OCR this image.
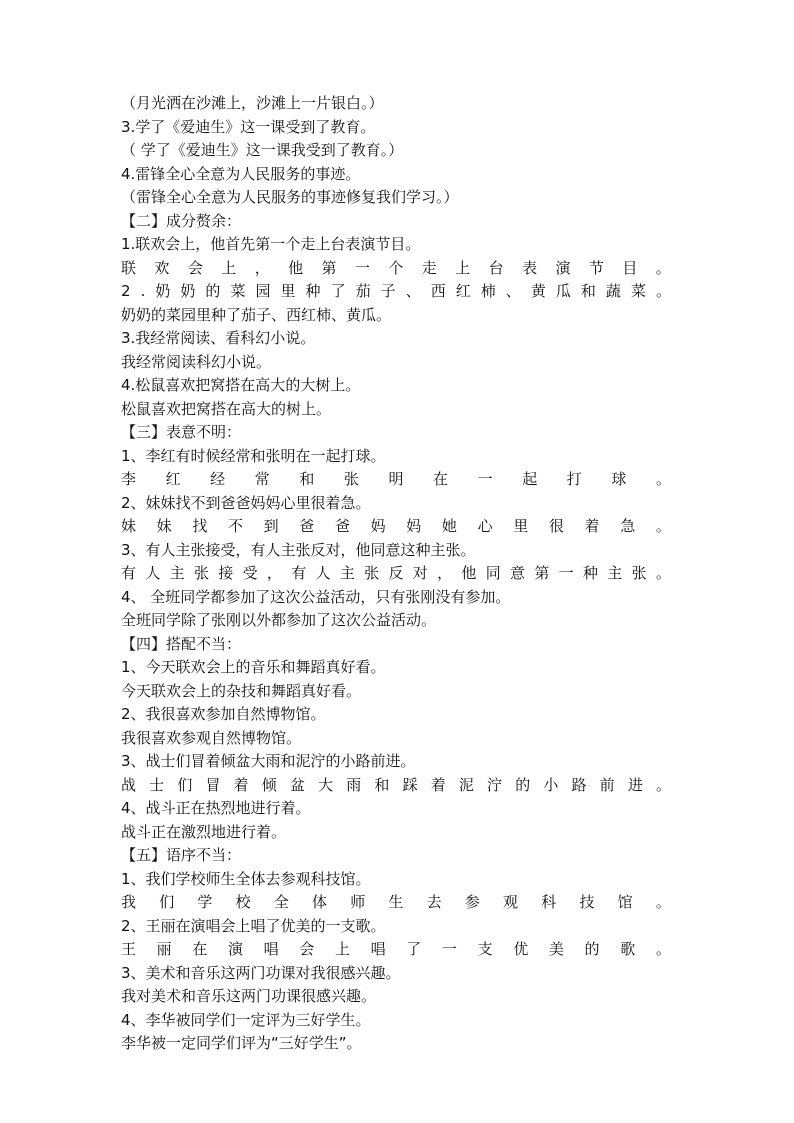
（月光洒在沙滩上，沙滩上一片银白。）
3.学了《爱迪生》这一课受到了教育。
（ 学了《爱迪生》这一课我受到了教育。）
4.雷锋全心全意为人民服务的事迹。
（雷锋全心全意为人民服务的事迹修复我们学习。）
【二】成分赘余：
1.联欢会上，他首先第一个走上台表演节目。
联 欢 会 上 ， 他 第 一 个 走 上 台 表 演 节 目 。
2 . 奶 奶 的 菜 园 里 种 了 茄 子 、 西 红 柿 、 黄 瓜 和 蔬 菜 。
奶奶的菜园里种了茄子、西红柿、黄瓜。
3.我经常阅读、看科幻小说。
我经常阅读科幻小说。
4.松鼠喜欢把窝搭在高大的大树上。
松鼠喜欢把窝搭在高大的树上。
【三】表意不明：
1、李红有时候经常和张明在一起打球。
李 红 经 常 和 张 明 在 一 起 打 球 。
2、妹妹找不到爸爸妈妈心里很着急。
妹 妹 找 不 到 爸 爸 妈 妈 她 心 里 很 着 急 。
3、有人主张接受，有人主张反对，他同意这种主张。
有 人 主 张 接 受 ， 有 人 主 张 反 对 ， 他 同 意 第 一 种 主 张 。
4、 全班同学都参加了这次公益活动，只有张刚没有参加。
全班同学除了张刚以外都参加了这次公益活动。
【四】搭配不当：
1、今天联欢会上的音乐和舞蹈真好看。
今天联欢会上的杂技和舞蹈真好看。
2、我很喜欢参加自然博物馆。
我很喜欢参观自然博物馆。
3、战士们冒着倾盆大雨和泥泞的小路前进。
战 士 们 冒 着 倾 盆 大 雨 和 踩 着 泥 泞 的 小 路 前 进 。
4、战斗正在热烈地进行着。
战斗正在激烈地进行着。
【五】语序不当：
1、我们学校师生全体去参观科技馆。
我 们 学 校 全 体 师 生 去 参 观 科 技 馆 。
2、王丽在演唱会上唱了优美的一支歌。
王 丽 在 演 唱 会 上 唱 了 一 支 优 美 的 歌 。
3、美术和音乐这两门功课对我很感兴趣。
我对美术和音乐这两门功课很感兴趣。
4、李华被同学们一定评为三好学生。
李华被一定同学们评为“三好学生”。
